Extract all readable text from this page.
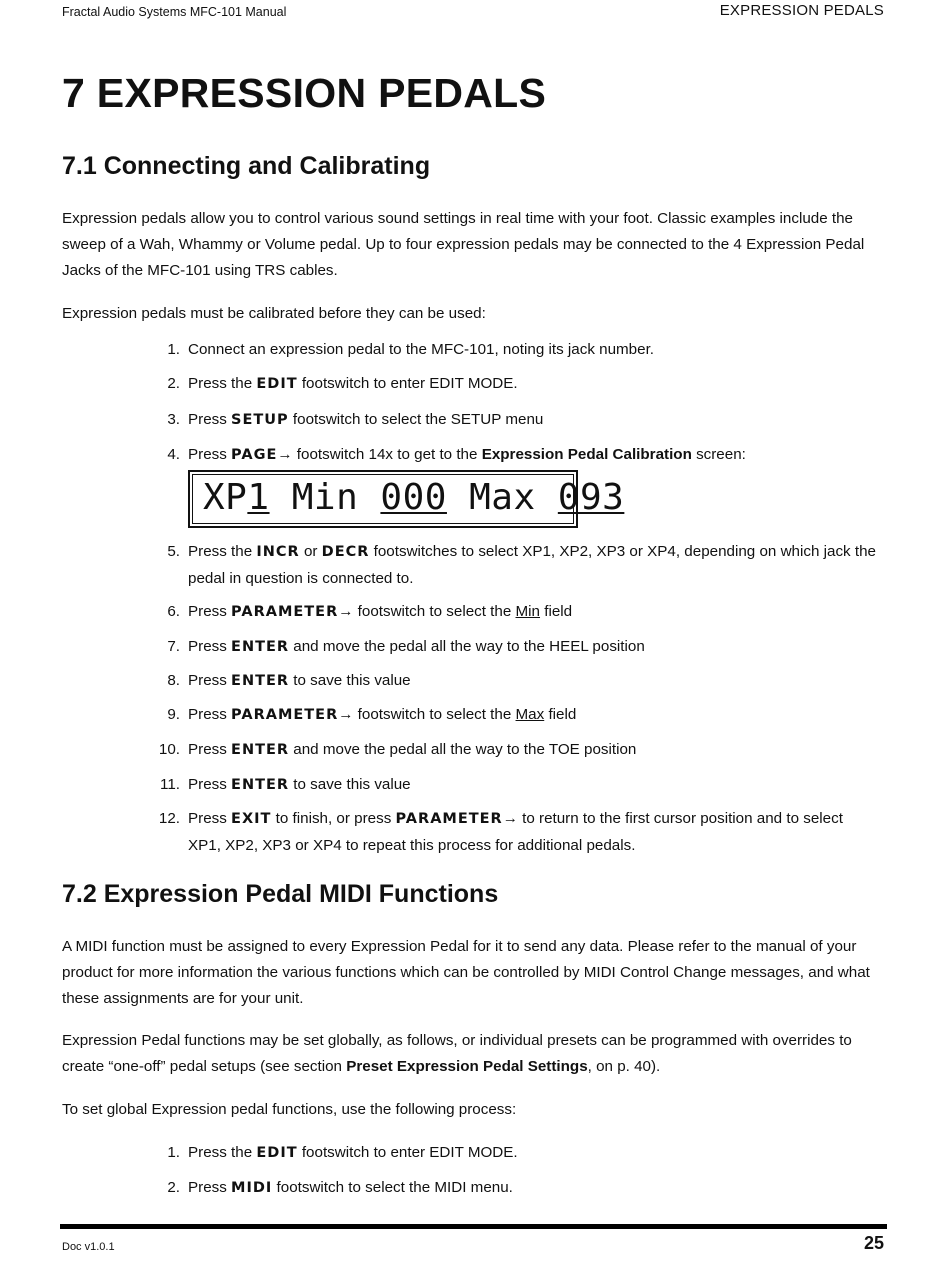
Fractal Audio Systems MFC-101 Manual	EXPRESSION PEDALS
7 EXPRESSION PEDALS
7.1 Connecting and Calibrating

Expression pedals allow you to control various sound settings in real time with your foot. Classic examples include the sweep of a Wah, Whammy or Volume pedal. Up to four expression pedals may be connected to the 4 Expression Pedal Jacks of the MFC-101 using TRS cables.

Expression pedals must be calibrated before they can be used:

1. Connect an expression pedal to the MFC-101, noting its jack number.
2. Press the EDIT footswitch to enter EDIT MODE.
3. Press SETUP footswitch to select the SETUP menu
4. Press PAGE→ footswitch 14x to get to the Expression Pedal Calibration screen:
XP1 Min 000 Max 093
5. Press the INCR or DECR footswitches to select XP1, XP2, XP3 or XP4, depending on which jack the pedal in question is connected to.
6. Press PARAMETER→ footswitch to select the Min field
7. Press ENTER and move the pedal all the way to the HEEL position
8. Press ENTER to save this value
9. Press PARAMETER→ footswitch to select the Max field
10. Press ENTER and move the pedal all the way to the TOE position
11. Press ENTER to save this value
12. Press EXIT to finish, or press PARAMETER→ to return to the first cursor position and to select XP1, XP2, XP3 or XP4 to repeat this process for additional pedals.
7.2 Expression Pedal MIDI Functions

A MIDI function must be assigned to every Expression Pedal for it to send any data. Please refer to the manual of your product for more information the various functions which can be controlled by MIDI Control Change messages, and what these assignments are for your unit.

Expression Pedal functions may be set globally, as follows, or individual presets can be programmed with overrides to create “one-off” pedal setups (see section Preset Expression Pedal Settings, on p. 40).

To set global Expression pedal functions, use the following process:

1. Press the EDIT footswitch to enter EDIT MODE.
2. Press MIDI footswitch to select the MIDI menu.
Doc v1.0.1	25
